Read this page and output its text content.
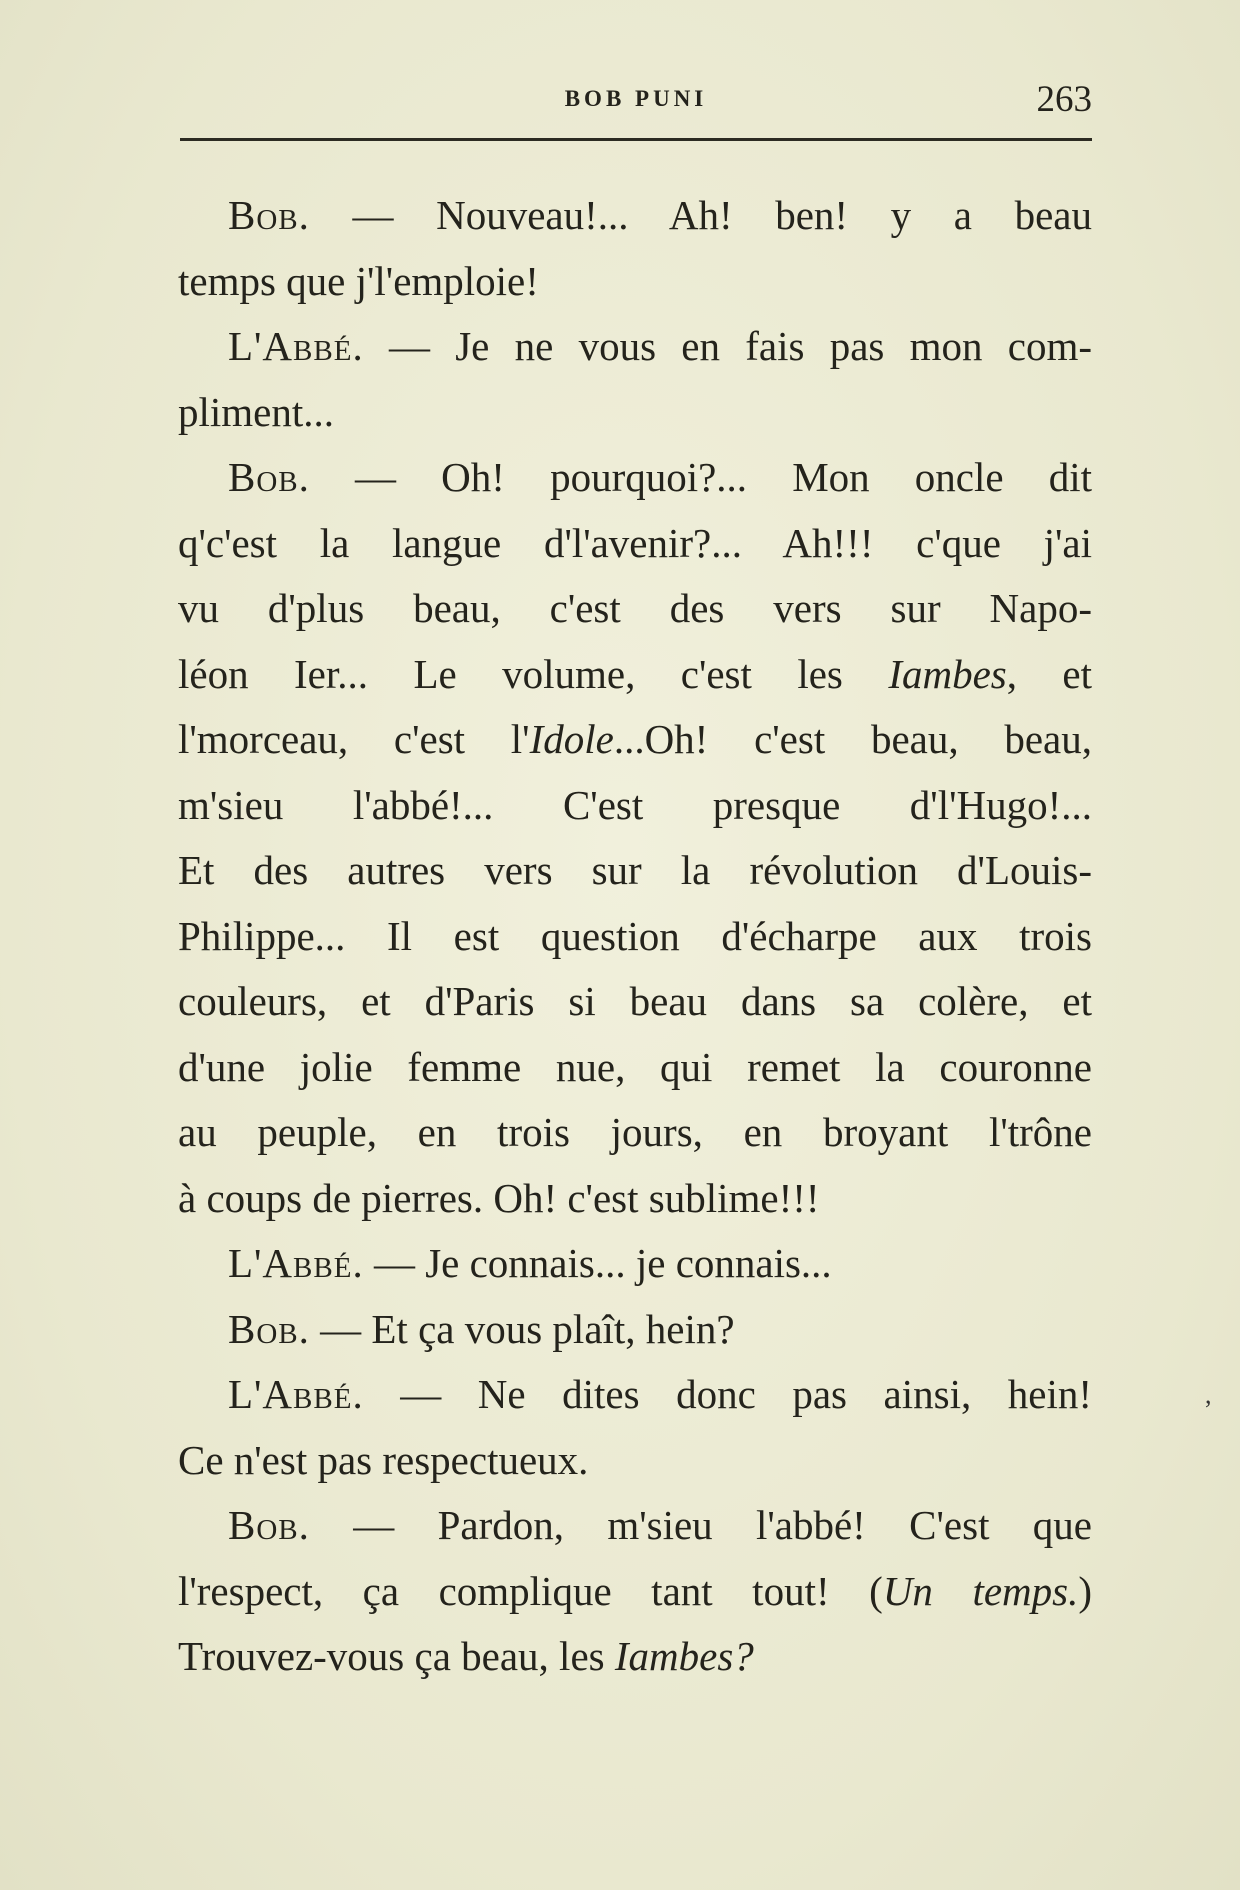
BOB PUNI	263
Bob. — Nouveau!... Ah! ben! y a beau
temps que j'l'emploie!
L'Abbé. — Je ne vous en fais pas mon com-
pliment...
Bob. — Oh! pourquoi?... Mon oncle dit
q'c'est la langue d'l'avenir?... Ah!!! c'que j'ai
vu d'plus beau, c'est des vers sur Napo-
léon Ier... Le volume, c'est les Iambes, et
l'morceau, c'est l'Idole...Oh! c'est beau, beau,
m'sieu l'abbé!... C'est presque d'l'Hugo!...
Et des autres vers sur la révolution d'Louis-
Philippe... Il est question d'écharpe aux trois
couleurs, et d'Paris si beau dans sa colère, et
d'une jolie femme nue, qui remet la couronne
au peuple, en trois jours, en broyant l'trône
à coups de pierres. Oh! c'est sublime!!!
L'Abbé. — Je connais... je connais...
Bob. — Et ça vous plaît, hein?
L'Abbé. — Ne dites donc pas ainsi, hein!
Ce n'est pas respectueux.
Bob. — Pardon, m'sieu l'abbé! C'est que
l'respect, ça complique tant tout! (Un temps.)
Trouvez-vous ça beau, les Iambes?
,
